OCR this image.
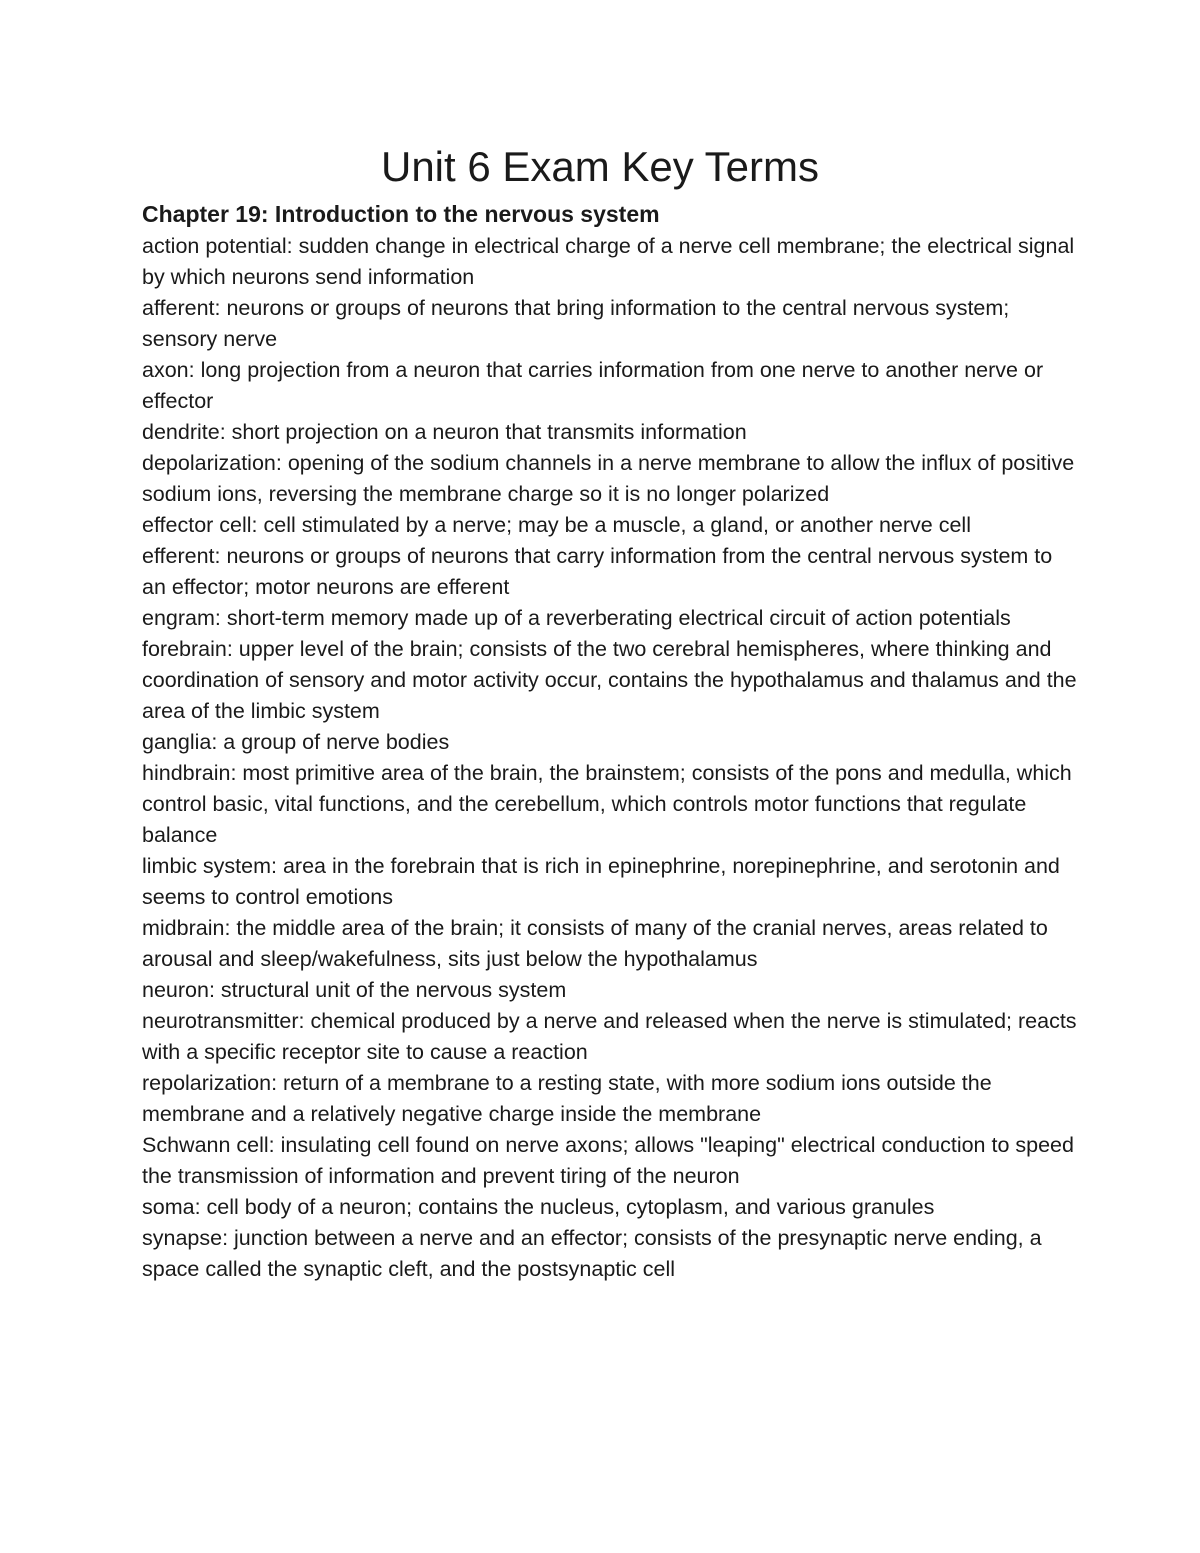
Unit 6 Exam Key Terms
Chapter 19: Introduction to the nervous system

action potential: sudden change in electrical charge of a nerve cell membrane; the electrical signal by which neurons send information

afferent: neurons or groups of neurons that bring information to the central nervous system; sensory nerve

axon: long projection from a neuron that carries information from one nerve to another nerve or effector

dendrite: short projection on a neuron that transmits information

depolarization: opening of the sodium channels in a nerve membrane to allow the influx of positive sodium ions, reversing the membrane charge so it is no longer polarized

effector cell: cell stimulated by a nerve; may be a muscle, a gland, or another nerve cell

efferent: neurons or groups of neurons that carry information from the central nervous system to an effector; motor neurons are efferent

engram: short-term memory made up of a reverberating electrical circuit of action potentials

forebrain: upper level of the brain; consists of the two cerebral hemispheres, where thinking and coordination of sensory and motor activity occur, contains the hypothalamus and thalamus and the area of the limbic system

ganglia: a group of nerve bodies

hindbrain: most primitive area of the brain, the brainstem; consists of the pons and medulla, which control basic, vital functions, and the cerebellum, which controls motor functions that regulate balance

limbic system: area in the forebrain that is rich in epinephrine, norepinephrine, and serotonin and seems to control emotions

midbrain: the middle area of the brain; it consists of many of the cranial nerves, areas related to arousal and sleep/wakefulness, sits just below the hypothalamus

neuron: structural unit of the nervous system

neurotransmitter: chemical produced by a nerve and released when the nerve is stimulated; reacts with a specific receptor site to cause a reaction

repolarization: return of a membrane to a resting state, with more sodium ions outside the membrane and a relatively negative charge inside the membrane

Schwann cell: insulating cell found on nerve axons; allows "leaping" electrical conduction to speed the transmission of information and prevent tiring of the neuron

soma: cell body of a neuron; contains the nucleus, cytoplasm, and various granules

synapse: junction between a nerve and an effector; consists of the presynaptic nerve ending, a space called the synaptic cleft, and the postsynaptic cell
